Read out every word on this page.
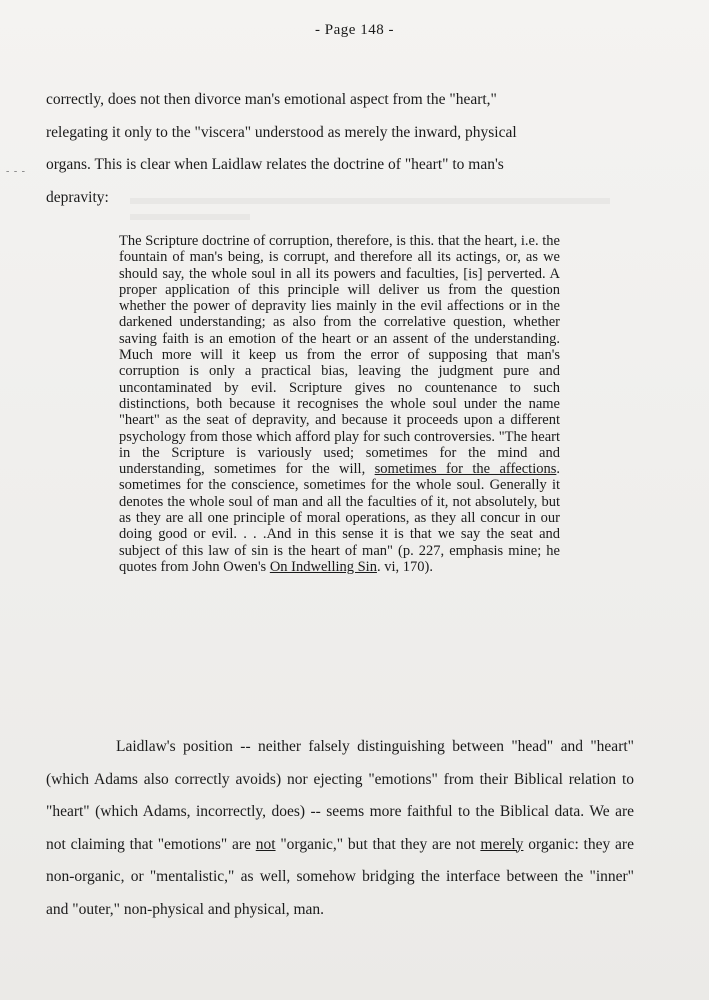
- Page 148 -
- - -
correctly, does not then divorce man's emotional aspect from the "heart,"
relegating it only to the "viscera" understood as merely the inward, physical
organs. This is clear when Laidlaw relates the doctrine of "heart" to man's
depravity:

The Scripture doctrine of corruption, therefore, is this. that the heart, i.e. the fountain of man's being, is corrupt, and therefore all its actings, or, as we should say, the whole soul in all its powers and faculties, [is] perverted. A proper application of this principle will deliver us from the question whether the power of depravity lies mainly in the evil affections or in the darkened understanding; as also from the correlative question, whether saving faith is an emotion of the heart or an assent of the understanding. Much more will it keep us from the error of supposing that man's corruption is only a practical bias, leaving the judgment pure and uncontaminated by evil. Scripture gives no countenance to such distinctions, both because it recognises the whole soul under the name "heart" as the seat of depravity, and because it proceeds upon a different psychology from those which afford play for such controversies. "The heart in the Scripture is variously used; sometimes for the mind and understanding, sometimes for the will, sometimes for the affections. sometimes for the conscience, sometimes for the whole soul. Generally it denotes the whole soul of man and all the faculties of it, not absolutely, but as they are all one principle of moral operations, as they all concur in our doing good or evil. . . .And in this sense it is that we say the seat and subject of this law of sin is the heart of man" (p. 227, emphasis mine; he quotes from John Owen's On Indwelling Sin. vi, 170).

Laidlaw's position -- neither falsely distinguishing between "head" and "heart" (which Adams also correctly avoids) nor ejecting "emotions" from their Biblical relation to "heart" (which Adams, incorrectly, does) -- seems more faithful to the Biblical data. We are not claiming that "emotions" are not "organic," but that they are not merely organic: they are non-organic, or "mentalistic," as well, somehow bridging the interface between the "inner" and "outer," non-physical and physical, man.
